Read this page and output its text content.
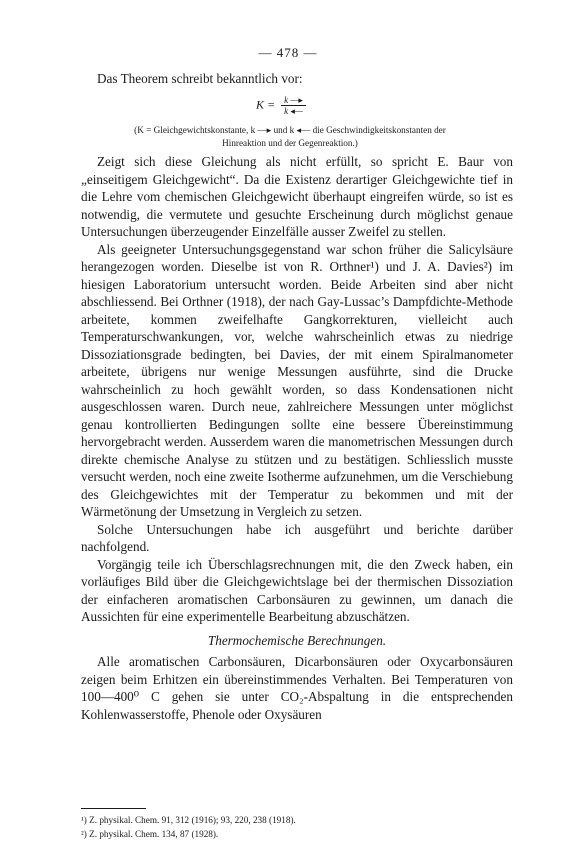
— 478 —

Das Theorem schreibt bekanntlich vor:

$K = \frac{k —▸}{k ◂—}$
(K = Gleichgewichtskonstante, k —▸ und k ◂— die Geschwindigkeitskonstanten der
Hinreaktion und der Gegenreaktion.)

Zeigt sich diese Gleichung als nicht erfüllt, so spricht E. Baur von „einseitigem Gleichgewicht“. Da die Existenz derartiger Gleichgewichte tief in die Lehre vom chemischen Gleichgewicht überhaupt eingreifen würde, so ist es notwendig, die vermutete und gesuchte Erscheinung durch möglichst genaue Untersuchungen überzeugender Einzelfälle ausser Zweifel zu stellen.

Als geeigneter Untersuchungsgegenstand war schon früher die Salicylsäure herangezogen worden. Dieselbe ist von R. Orthner¹) und J. A. Davies²) im hiesigen Laboratorium untersucht worden. Beide Arbeiten sind aber nicht abschliessend. Bei Orthner (1918), der nach Gay-Lussac’s Dampfdichte-Methode arbeitete, kommen zweifelhafte Gangkorrekturen, vielleicht auch Temperaturschwankungen, vor, welche wahrscheinlich etwas zu niedrige Dissoziationsgrade bedingten, bei Davies, der mit einem Spiralmanometer arbeitete, übrigens nur wenige Messungen ausführte, sind die Drucke wahrscheinlich zu hoch gewählt worden, so dass Kondensationen nicht ausgeschlossen waren. Durch neue, zahlreichere Messungen unter möglichst genau kontrollierten Bedingungen sollte eine bessere Übereinstimmung hervorgebracht werden. Ausserdem waren die manometrischen Messungen durch direkte chemische Analyse zu stützen und zu bestätigen. Schliesslich musste versucht werden, noch eine zweite Isotherme aufzunehmen, um die Verschiebung des Gleichgewichtes mit der Temperatur zu bekommen und mit der Wärmetönung der Umsetzung in Vergleich zu setzen.

Solche Untersuchungen habe ich ausgeführt und berichte darüber nachfolgend.

Vorgängig teile ich Überschlagsrechnungen mit, die den Zweck haben, ein vorläufiges Bild über die Gleichgewichtslage bei der thermischen Dissoziation der einfacheren aromatischen Carbonsäuren zu gewinnen, um danach die Aussichten für eine experimentelle Bearbeitung abzuschätzen.

Thermochemische Berechnungen.

Alle aromatischen Carbonsäuren, Dicarbonsäuren oder Oxycarbonsäuren zeigen beim Erhitzen ein übereinstimmendes Verhalten. Bei Temperaturen von 100—400⁰ C gehen sie unter CO₂-Abspaltung in die entsprechenden Kohlenwasserstoffe, Phenole oder Oxysäuren

¹) Z. physikal. Chem. 91, 312 (1916); 93, 220, 238 (1918).
²) Z. physikal. Chem. 134, 87 (1928).
